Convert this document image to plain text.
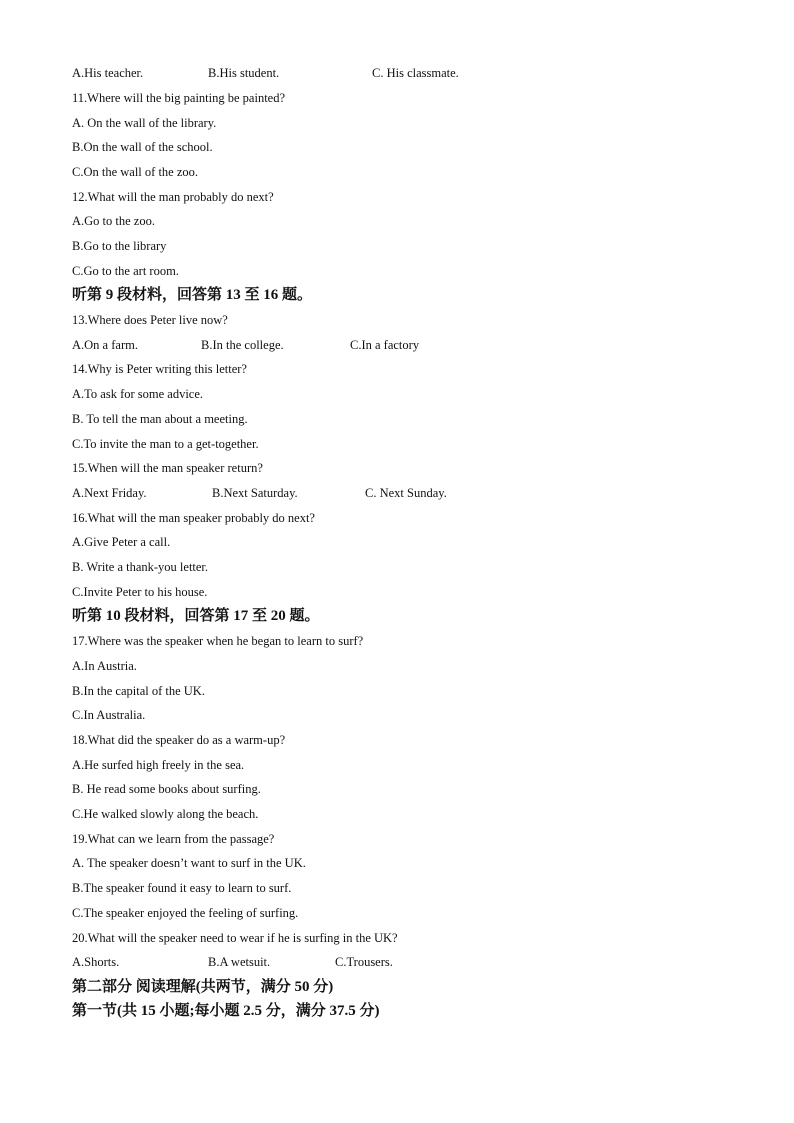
A.His teacher.	B.His student.	C. His classmate.
11.Where will the big painting be painted?
A. On the wall of the library.
B.On the wall of the school.
C.On the wall of the zoo.
12.What will the man probably do next?
A.Go to the zoo.
B.Go to the library
C.Go to the art room.
听第 9 段材料，回答第 13 至 16 题。
13.Where does Peter live now?
A.On a farm.	B.In the college.	C.In a factory
14.Why is Peter writing this letter?
A.To ask for some advice.
B. To tell the man about a meeting.
C.To invite the man to a get-together.
15.When will the man speaker return?
A.Next Friday.	B.Next Saturday.	C. Next Sunday.
16.What will the man speaker probably do next?
A.Give Peter a call.
B. Write a thank-you letter.
C.Invite Peter to his house.
听第 10 段材料，回答第 17 至 20 题。
17.Where was the speaker when he began to learn to surf?
A.In Austria.
B.In the capital of the UK.
C.In Australia.
18.What did the speaker do as a warm-up?
A.He surfed high freely in the sea.
B. He read some books about surfing.
C.He walked slowly along the beach.
19.What can we learn from the passage?
A. The speaker doesn’t want to surf in the UK.
B.The speaker found it easy to learn to surf.
C.The speaker enjoyed the feeling of surfing.
20.What will the speaker need to wear if he is surfing in the UK?
A.Shorts.	B.A wetsuit.	C.Trousers.
第二部分 阅读理解(共两节，满分 50 分)
第一节(共 15 小题;每小题 2.5 分，满分 37.5 分)
